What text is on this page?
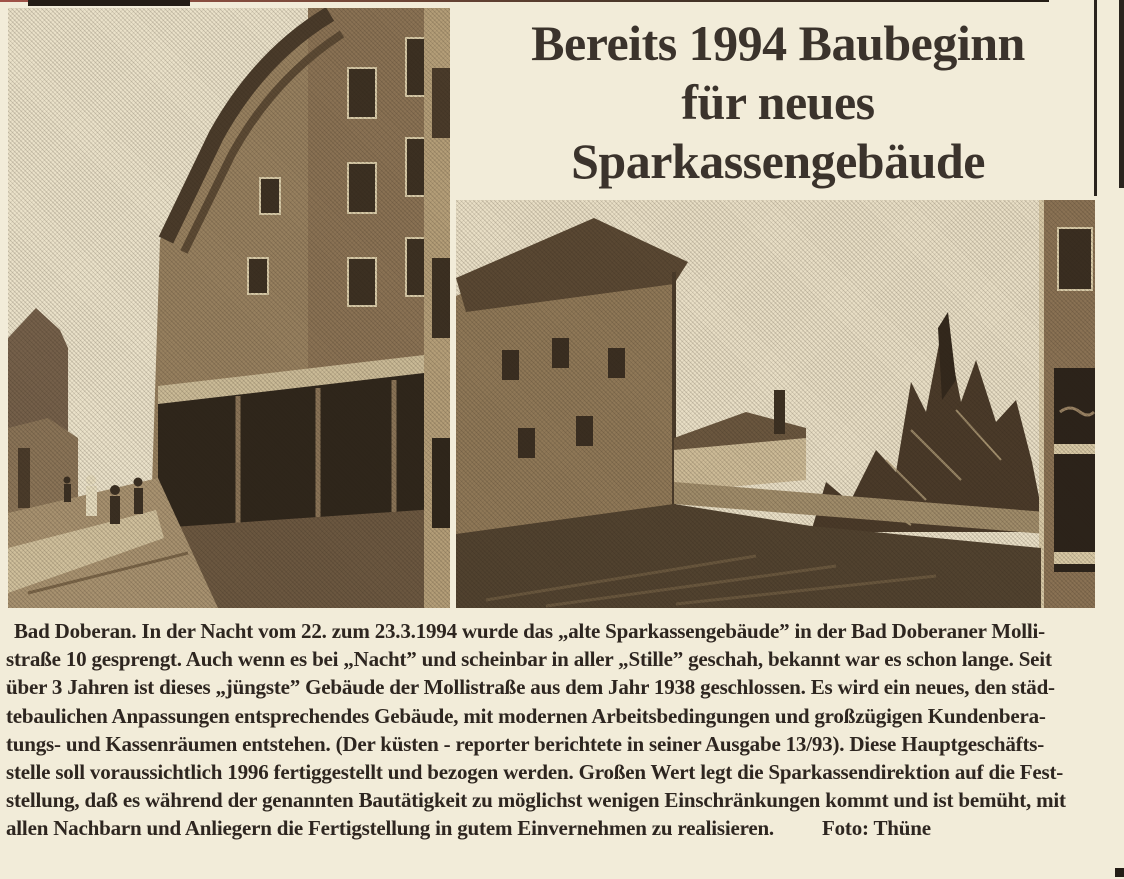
Bereits 1994 Baubeginn
für neues
Sparkassengebäude
Bad Doberan. In der Nacht vom 22. zum 23.3.1994 wurde das „alte Sparkassengebäude” in der Bad Doberaner Molli-
straße 10 gesprengt. Auch wenn es bei „Nacht” und scheinbar in aller „Stille” geschah, bekannt war es schon lange. Seit
über 3 Jahren ist dieses „jüngste” Gebäude der Mollistraße aus dem Jahr 1938 geschlossen. Es wird ein neues, den städ-
tebaulichen Anpassungen entsprechendes Gebäude, mit modernen Arbeitsbedingungen und großzügigen Kundenbera-
tungs- und Kassenräumen entstehen. (Der küsten - reporter berichtete in seiner Ausgabe 13/93). Diese Hauptgeschäfts-
stelle soll voraussichtlich 1996 fertiggestellt und bezogen werden. Großen Wert legt die Sparkassendirektion auf die Fest-
stellung, daß es während der genannten Bautätigkeit zu möglichst wenigen Einschränkungen kommt und ist bemüht, mit
allen Nachbarn und Anliegern die Fertigstellung in gutem Einvernehmen zu realisieren. Foto: Thüne
